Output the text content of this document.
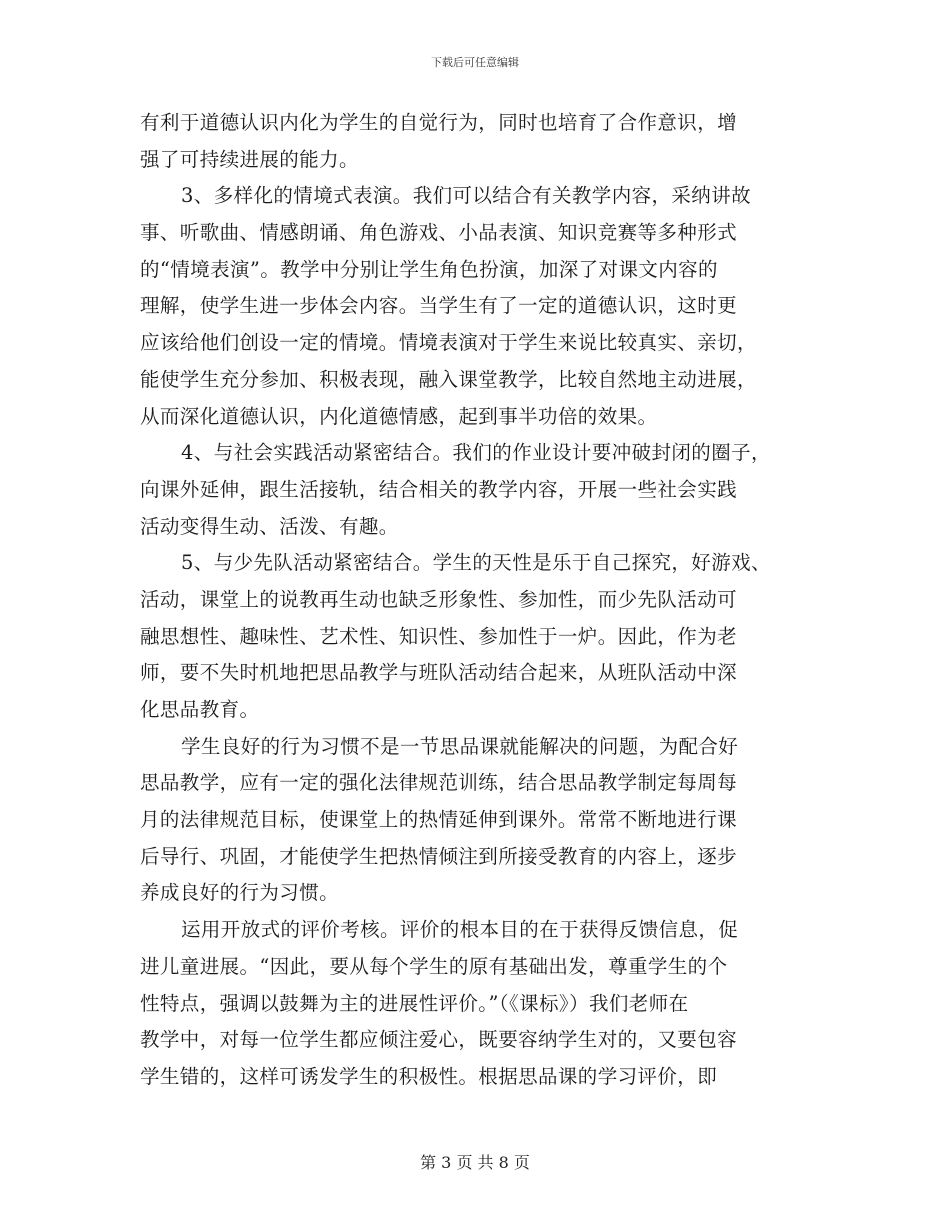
下载后可任意编辑
有利于道德认识内化为学生的自觉行为，同时也培育了合作意识，增
强了可持续进展的能力。
3、多样化的情境式表演。我们可以结合有关教学内容，采纳讲故
事、听歌曲、情感朗诵、角色游戏、小品表演、知识竞赛等多种形式
的“情境表演”。教学中分别让学生角色扮演，加深了对课文内容的
理解，使学生进一步体会内容。当学生有了一定的道德认识，这时更
应该给他们创设一定的情境。情境表演对于学生来说比较真实、亲切，
能使学生充分参加、积极表现，融入课堂教学，比较自然地主动进展，
从而深化道德认识，内化道德情感，起到事半功倍的效果。
4、与社会实践活动紧密结合。我们的作业设计要冲破封闭的圈子，
向课外延伸，跟生活接轨，结合相关的教学内容，开展一些社会实践
活动变得生动、活泼、有趣。
5、与少先队活动紧密结合。学生的天性是乐于自己探究，好游戏、
活动，课堂上的说教再生动也缺乏形象性、参加性，而少先队活动可
融思想性、趣味性、艺术性、知识性、参加性于一炉。因此，作为老
师，要不失时机地把思品教学与班队活动结合起来，从班队活动中深
化思品教育。
学生良好的行为习惯不是一节思品课就能解决的问题，为配合好
思品教学，应有一定的强化法律规范训练，结合思品教学制定每周每
月的法律规范目标，使课堂上的热情延伸到课外。常常不断地进行课
后导行、巩固，才能使学生把热情倾注到所接受教育的内容上，逐步
养成良好的行为习惯。
运用开放式的评价考核。评价的根本目的在于获得反馈信息，促
进儿童进展。“因此，要从每个学生的原有基础出发，尊重学生的个
性特点，强调以鼓舞为主的进展性评价。”（《课标》）我们老师在
教学中，对每一位学生都应倾注爱心，既要容纳学生对的，又要包容
学生错的，这样可诱发学生的积极性。根据思品课的学习评价，即
第 3 页 共 8 页
